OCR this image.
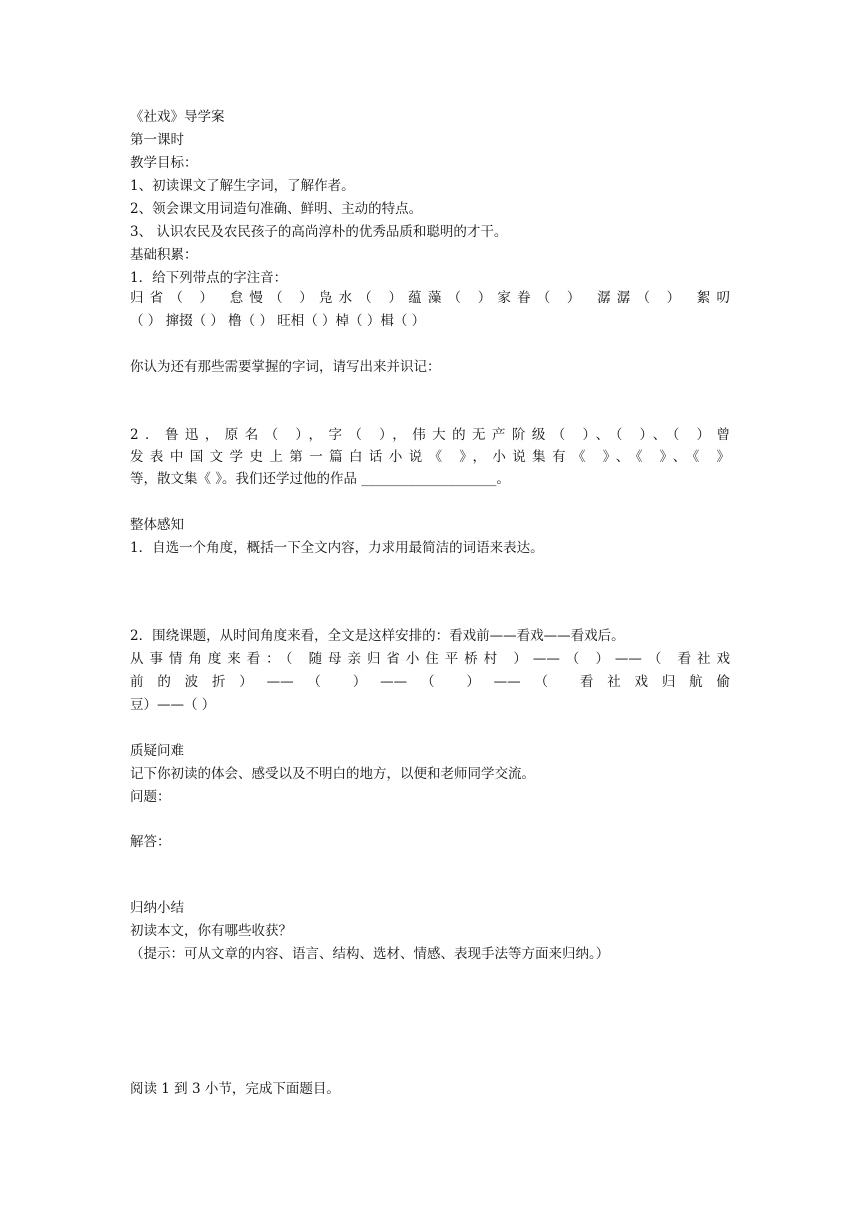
《社戏》导学案

第一课时

教学目标：

1、初读课文了解生字词，了解作者。

2、领会课文用词造句准确、鲜明、主动的特点。

3、 认识农民及农民孩子的高尚淳朴的优秀品质和聪明的才干。

基础积累：

1．给下列带点的字注音：

归省（ ） 怠慢（ ）凫水（ ）蕴藻（ ）家眷（ ） 潺潺（ ） 絮叨

（ ） 撺掇（ ） 橹（ ） 旺相（ ）棹（ ）楫（ ）

你认为还有那些需要掌握的字词，请写出来并识记：

2．鲁迅，原名（ ），字（ ），伟大的无产阶级（ ）、（ ）、（ ）曾

发表中国文学史上第一篇白话小说《 》，小说集有《 》、《 》、《 》

等，散文集《 》。我们还学过他的作品 ____________________。

整体感知

1．自选一个角度，概括一下全文内容，力求用最简洁的词语来表达。

2．围绕课题，从时间角度来看，全文是这样安排的：看戏前——看戏——看戏后。

从事情角度来看：（ 随母亲归省小住平桥村 ）——（ ）——（ 看社戏

前的波折）——（ ）——（ ）——（ 看社戏归航偷

豆）——（ ）

质疑问难

记下你初读的体会、感受以及不明白的地方，以便和老师同学交流。

问题：

解答：

归纳小结

初读本文，你有哪些收获？

（提示：可从文章的内容、语言、结构、选材、情感、表现手法等方面来归纳。）

阅读 1 到 3 小节，完成下面题目。
